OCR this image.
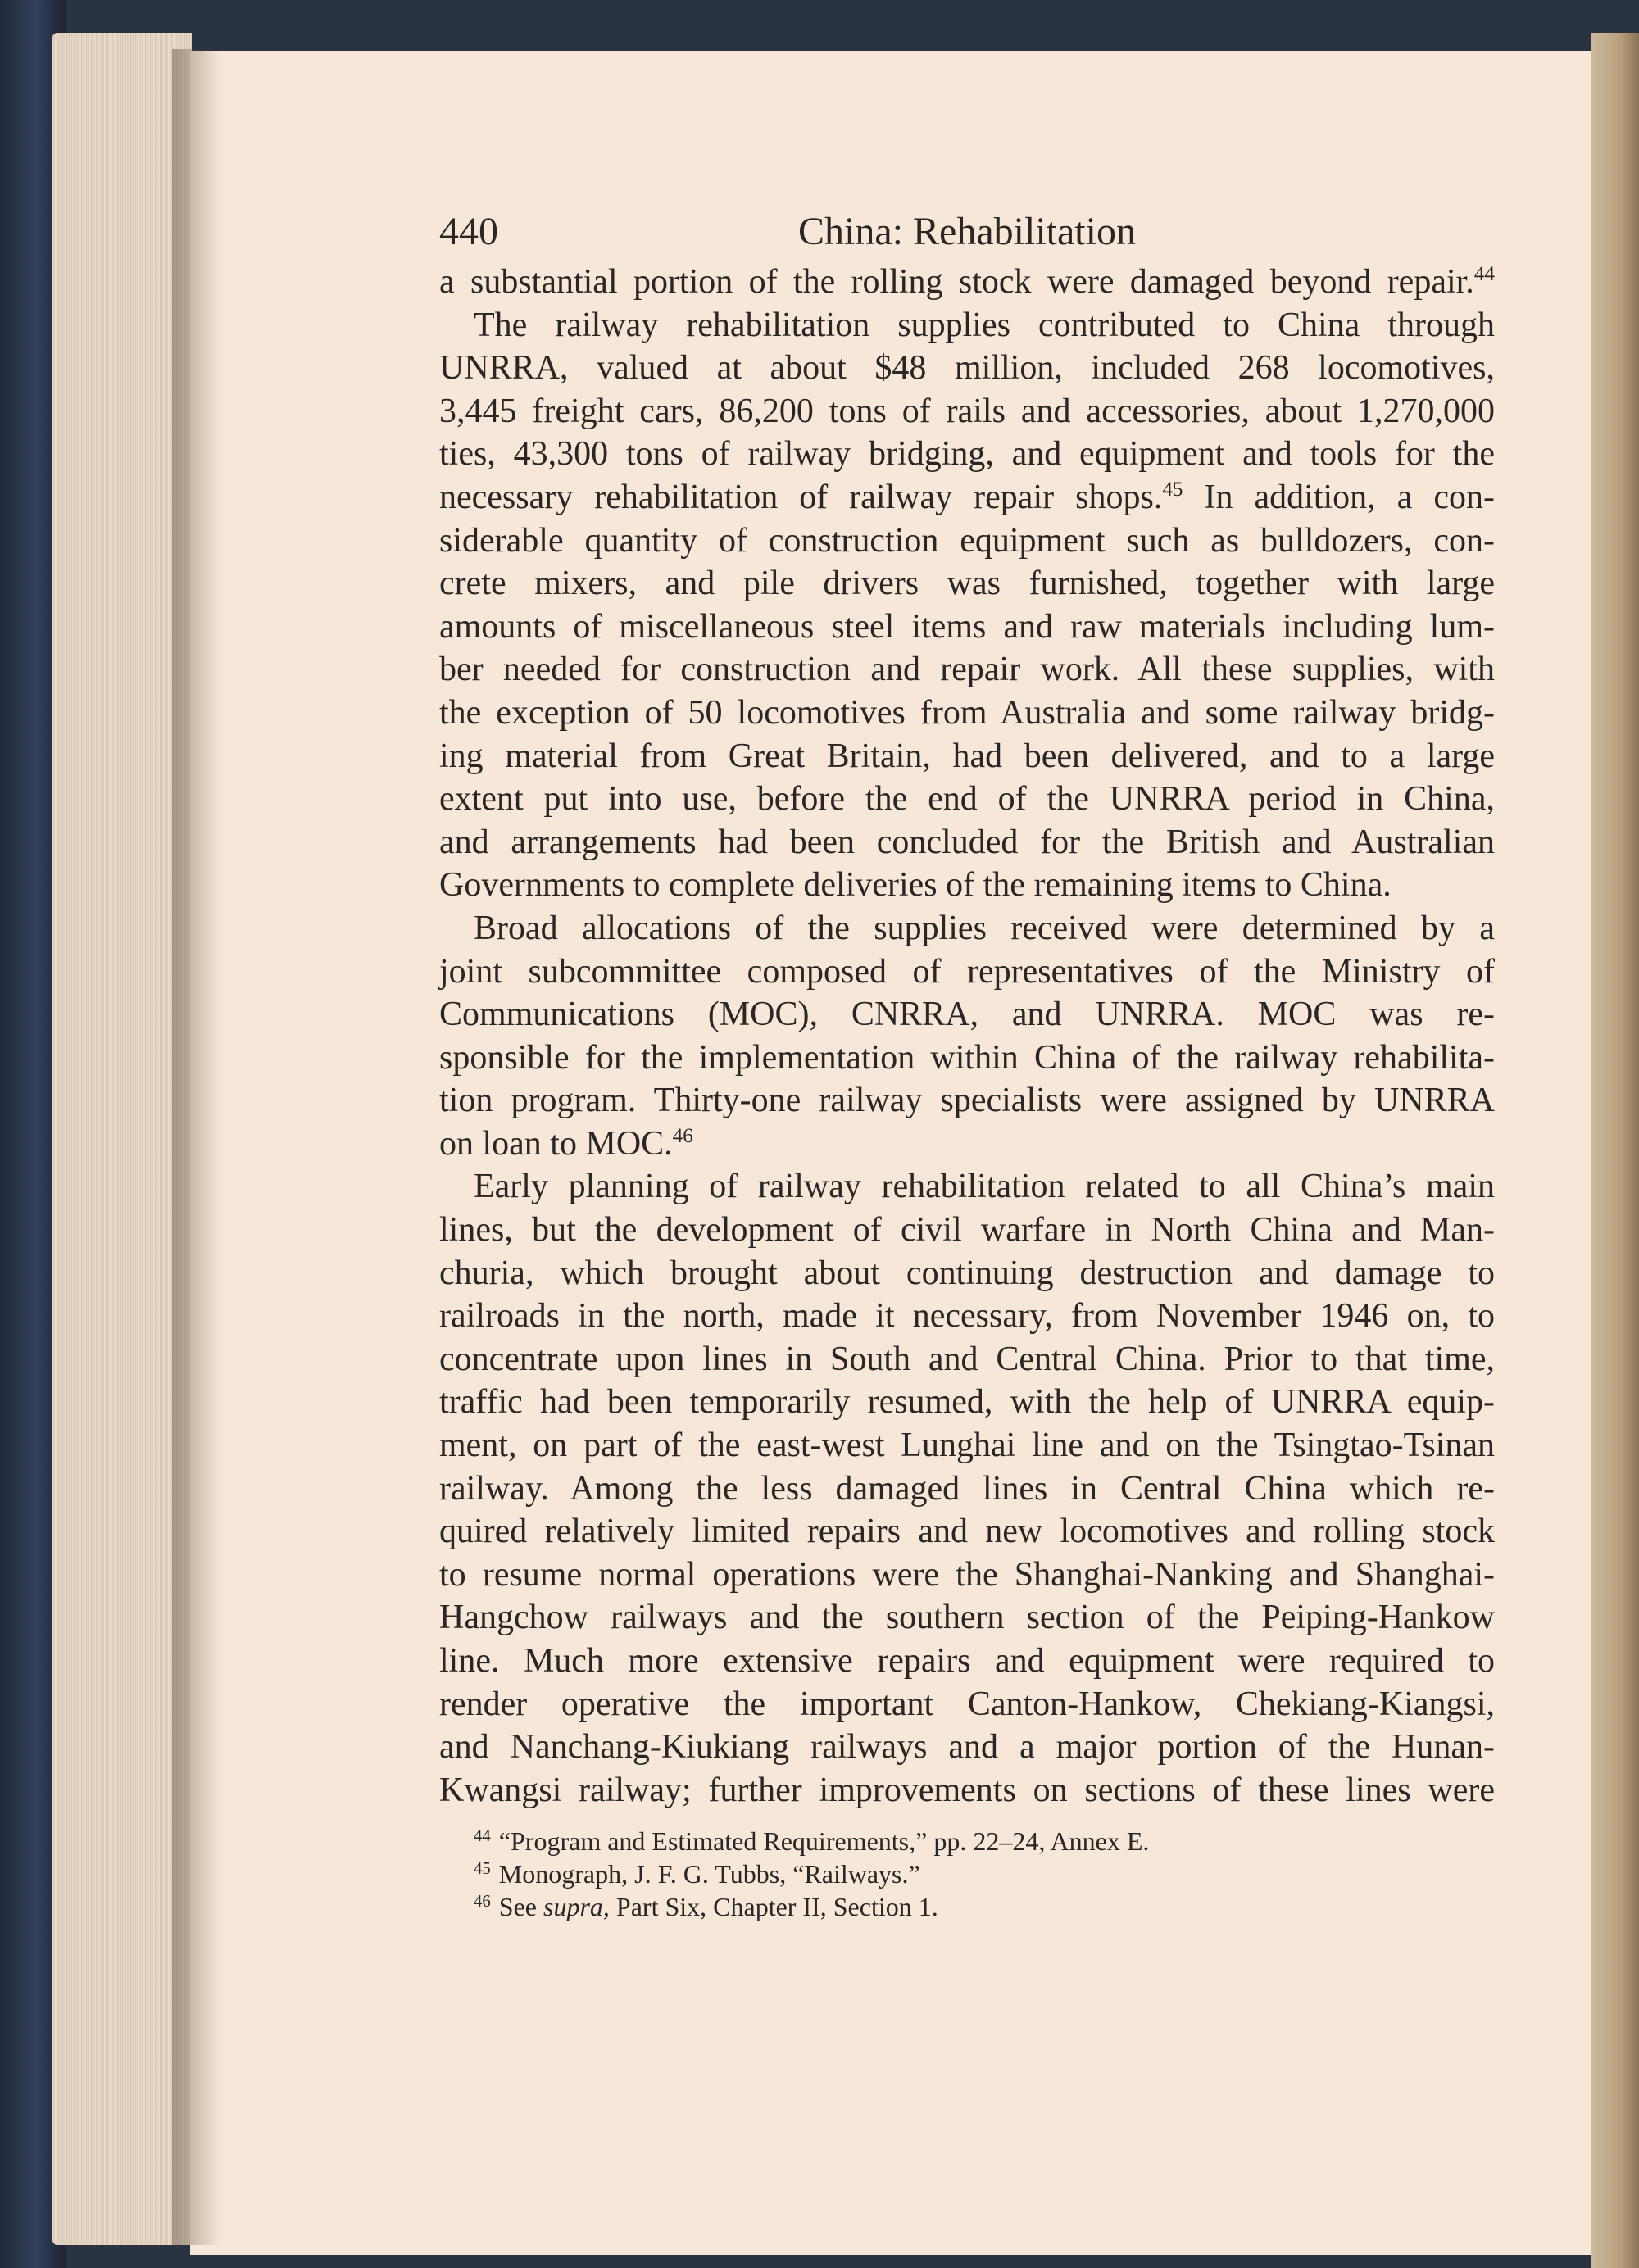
440	China: Rehabilitation

a substantial portion of the rolling stock were damaged beyond repair.$^{44}$

The railway rehabilitation supplies contributed to China through

UNRRA, valued at about $48 million, included 268 locomotives,

3,445 freight cars, 86,200 tons of rails and accessories, about 1,270,000

ties, 43,300 tons of railway bridging, and equipment and tools for the

necessary rehabilitation of railway repair shops.$^{45}$ In addition, a con-

siderable quantity of construction equipment such as bulldozers, con-

crete mixers, and pile drivers was furnished, together with large

amounts of miscellaneous steel items and raw materials including lum-

ber needed for construction and repair work. All these supplies, with

the exception of 50 locomotives from Australia and some railway bridg-

ing material from Great Britain, had been delivered, and to a large

extent put into use, before the end of the UNRRA period in China,

and arrangements had been concluded for the British and Australian

Governments to complete deliveries of the remaining items to China.

Broad allocations of the supplies received were determined by a

joint subcommittee composed of representatives of the Ministry of

Communications (MOC), CNRRA, and UNRRA. MOC was re-

sponsible for the implementation within China of the railway rehabilita-

tion program. Thirty-one railway specialists were assigned by UNRRA

on loan to MOC.$^{46}$

Early planning of railway rehabilitation related to all China’s main

lines, but the development of civil warfare in North China and Man-

churia, which brought about continuing destruction and damage to

railroads in the north, made it necessary, from November 1946 on, to

concentrate upon lines in South and Central China. Prior to that time,

traffic had been temporarily resumed, with the help of UNRRA equip-

ment, on part of the east-west Lunghai line and on the Tsingtao-Tsinan

railway. Among the less damaged lines in Central China which re-

quired relatively limited repairs and new locomotives and rolling stock

to resume normal operations were the Shanghai-Nanking and Shanghai-

Hangchow railways and the southern section of the Peiping-Hankow

line. Much more extensive repairs and equipment were required to

render operative the important Canton-Hankow, Chekiang-Kiangsi,

and Nanchang-Kiukiang railways and a major portion of the Hunan-

Kwangsi railway; further improvements on sections of these lines were

$^{44}$ “Program and Estimated Requirements,” pp. 22–24, Annex E.

$^{45}$ Monograph, J. F. G. Tubbs, “Railways.”

$^{46}$ See supra, Part Six, Chapter II, Section 1.
